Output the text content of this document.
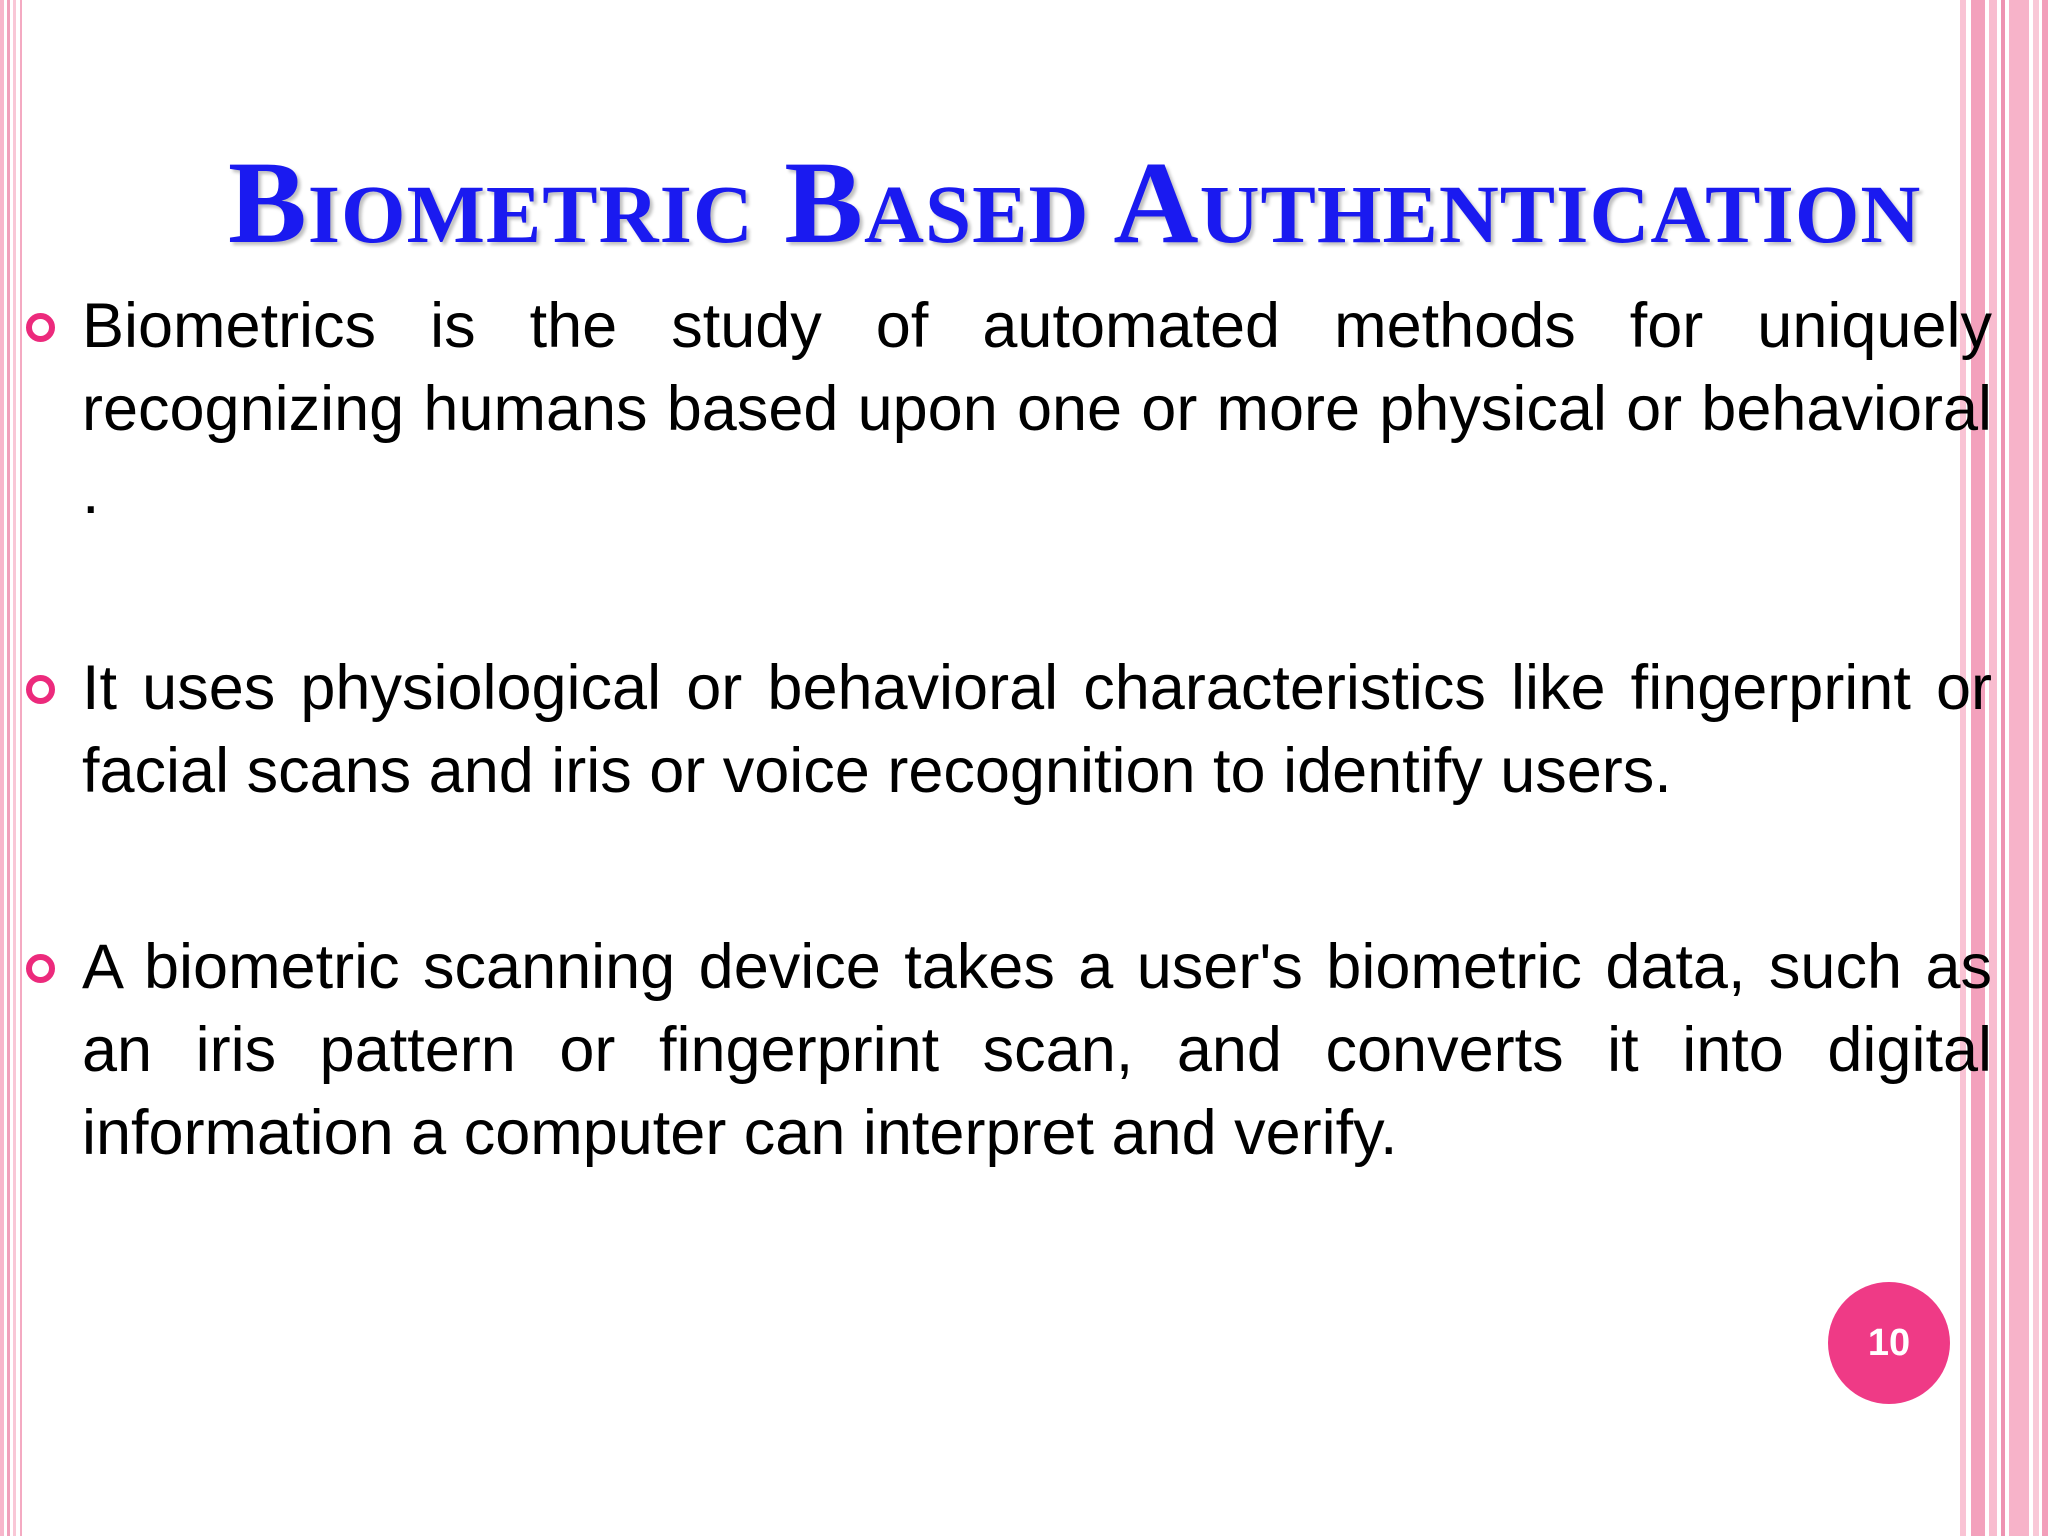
Biometric Based Authentication
Biometrics is the study of automated methods for uniquely recognizing humans based upon one or more physical or behavioral .
It uses physiological or behavioral characteristics like fingerprint or facial scans and iris or voice recognition to identify users.
A biometric scanning device takes a user's biometric data, such as an iris pattern or fingerprint scan, and converts it into digital information a computer can interpret and verify.
10
